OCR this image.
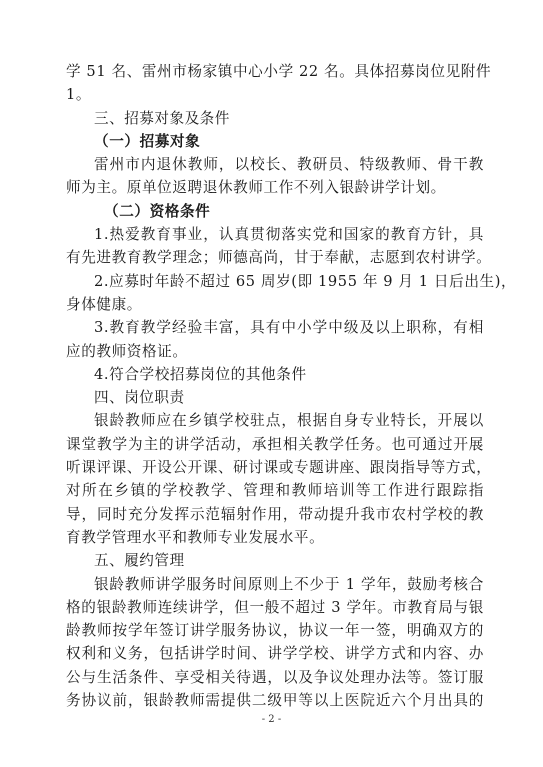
学 51 名、雷州市杨家镇中心小学 22 名。具体招募岗位见附件
1。
三、招募对象及条件
（一）招募对象
雷州市内退休教师，以校长、教研员、特级教师、骨干教
师为主。原单位返聘退休教师工作不列入银龄讲学计划。
（二）资格条件
1.热爱教育事业，认真贯彻落实党和国家的教育方针，具
有先进教育教学理念；师德高尚，甘于奉献，志愿到农村讲学。
2.应募时年龄不超过 65 周岁(即 1955 年 9 月 1 日后出生)，
身体健康。
3.教育教学经验丰富，具有中小学中级及以上职称，有相
应的教师资格证。
4.符合学校招募岗位的其他条件
四、岗位职责
银龄教师应在乡镇学校驻点，根据自身专业特长，开展以
课堂教学为主的讲学活动，承担相关教学任务。也可通过开展
听课评课、开设公开课、研讨课或专题讲座、跟岗指导等方式，
对所在乡镇的学校教学、管理和教师培训等工作进行跟踪指
导，同时充分发挥示范辐射作用，带动提升我市农村学校的教
育教学管理水平和教师专业发展水平。
五、履约管理
银龄教师讲学服务时间原则上不少于 1 学年，鼓励考核合
格的银龄教师连续讲学，但一般不超过 3 学年。市教育局与银
龄教师按学年签订讲学服务协议，协议一年一签，明确双方的
权利和义务，包括讲学时间、讲学学校、讲学方式和内容、办
公与生活条件、享受相关待遇，以及争议处理办法等。签订服
务协议前，银龄教师需提供二级甲等以上医院近六个月出具的
- 2 -
